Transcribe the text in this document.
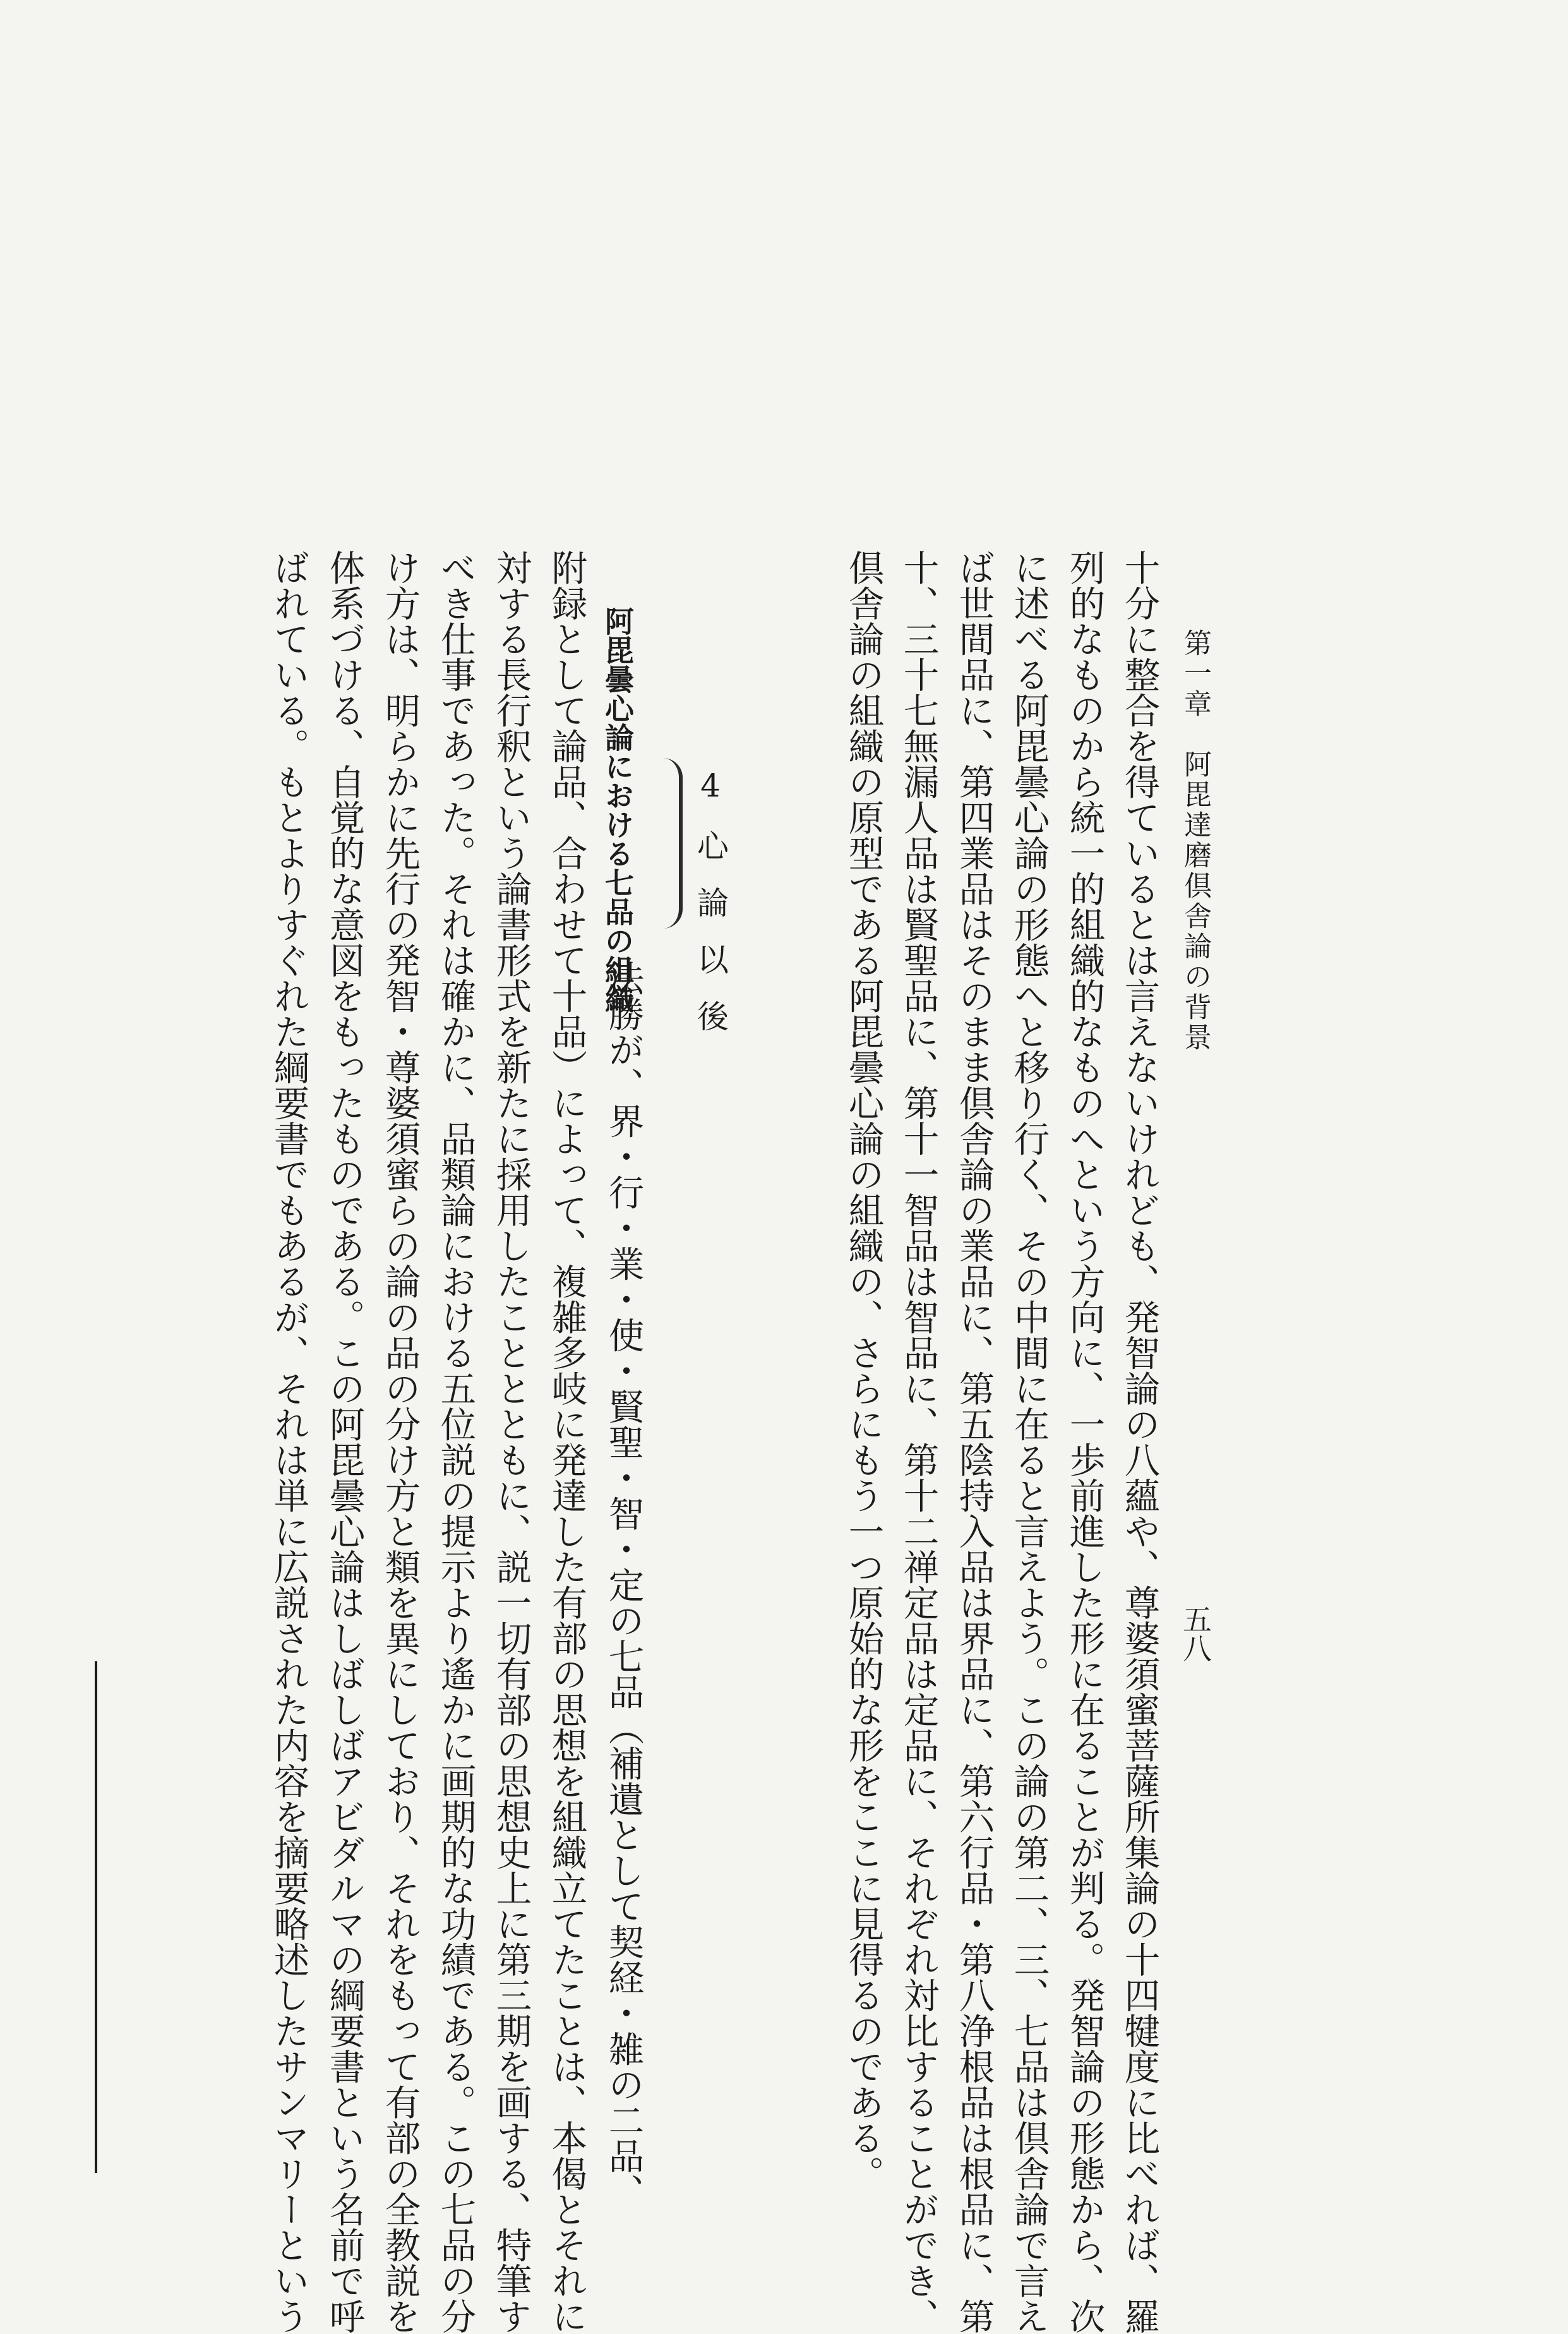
第一章　阿毘達磨倶舎論の背景
五八
十分に整合を得ているとは言えないけれども、発智論の八蘊や、尊婆須蜜菩薩所集論の十四犍度に比べれば、羅
列的なものから統一的組織的なものへという方向に、一歩前進した形に在ることが判る。発智論の形態から、次
に述べる阿毘曇心論の形態へと移り行く、その中間に在ると言えよう。この論の第二、三、七品は倶舎論で言え
ば世間品に、第四業品はそのまま倶舎論の業品に、第五陰持入品は界品に、第六行品・第八浄根品は根品に、第
十、三十七無漏人品は賢聖品に、第十一智品は智品に、第十二禅定品は定品に、それぞれ対比することができ、
倶舎論の組織の原型である阿毘曇心論の組織の、さらにもう一つ原始的な形をここに見得るのである。
4心論以後
阿毘曇心論における七品の組織
法勝が、界・行・業・使・賢聖・智・定の七品（補遺として契経・雑の二品、
附録として論品、合わせて十品）によって、複雑多岐に発達した有部の思想を組織立てたことは、本偈とそれに
対する長行釈という論書形式を新たに採用したこととともに、説一切有部の思想史上に第三期を画する、特筆す
べき仕事であった。それは確かに、品類論における五位説の提示より遙かに画期的な功績である。この七品の分
け方は、明らかに先行の発智・尊婆須蜜らの論の品の分け方と類を異にしており、それをもって有部の全教説を
体系づける、自覚的な意図をもったものである。この阿毘曇心論はしばしばアビダルマの綱要書という名前で呼
ばれている。もとよりすぐれた綱要書でもあるが、それは単に広説された内容を摘要略述したサンマリーという
